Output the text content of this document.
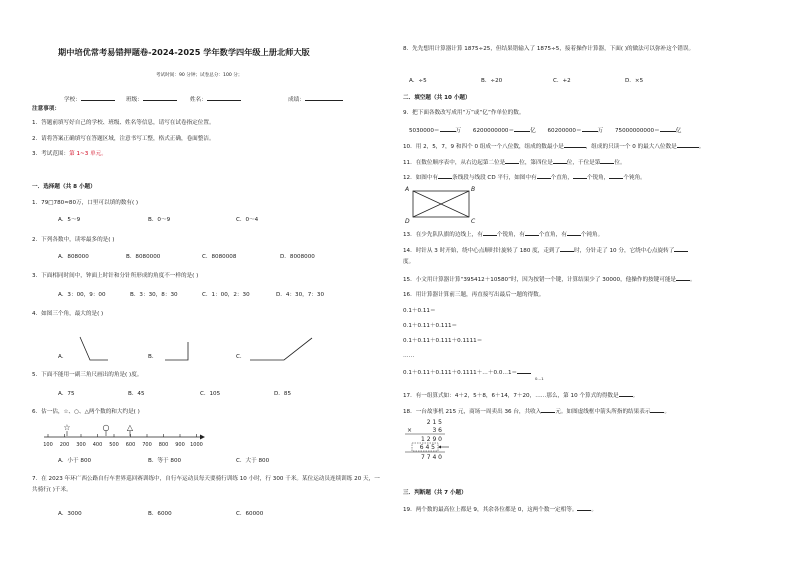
期中培优常考易错押题卷-2024-2025 学年数学四年级上册北师大版
考试时间：90 分钟；试卷总分：100 分；
学校：	班级：	姓名：	成绩：
注意事项：
1．答题前填写好自己的学校、班级、姓名等信息，请写在试卷指定位置。
2．请将答案正确填写在答题区域，注意书写工整，格式正确，卷面整洁。
3．考试范围：第 1~3 单元。
一．选择题（共 8 小题）
1．79□780≈80万，口里可以填的数有( )
A．5～9	B．0～9	C．0～4
2．下列各数中，读零最多的是( )
A．808000	B．8080000	C．8080008	D．8008000
3．下面相同时间中，钟面上时针和分针所形成的角度不一样的是( )
A．3：00，9：00	B．3：30，8：30	C．1：00，2：30	D．4：30，7：30
4．如图三个角，最大的是( )
A．	B．	C．
5．下面不能用一副三角尺画出的角是( )度。
A．75	B．45	C．105	D．85
6．估一估，☆、○、△两个数的和大约是( )
100 200 300 400 500 600 700 800 900 1000
☆	○ △
A．小于 800	B．等于 800	C．大于 800
7．在 2023 年环广西公路自行车世界巡回赛训练中，自行车运动员每天要骑行训练 10 小时，行 300 千米。某位运动员连续训练 20 天，一共骑行( )千米。
A．3000	B．6000	C．60000
8．先先想用计算器计算 1875÷25，但结果错输入了 1875÷5，接着操作计算器，下面( )的做法可以弥补这个错误。
A．÷5	B．÷20	C．+2	D．×5
二．填空题（共 10 小题）
9．把下面各数改写成用“万”或“亿”作单位的数。
5030000＝	万 6200000000＝	亿 60200000＝	万 75000000000＝	亿
10．用 2，5，7，9 和四个 0 组成一个八位数，组成的数最小是	，组成的只读一个 0 的最大八位数是	。
11．在数位顺序表中，从右边起第二位是	位，第四位是	位，千位是第	位。
12．如图中有	条线段与线段 CD 平行，如图中有	个直角，	个锐角，	个钝角。
A	B
C
D
13．在少先队队旗的边线上，有	个锐角，有	个直角，有	个钝角。
14．时针从 3 时开始，绕中心点顺时针旋转了 180 度，走到了	时，分针走了 10 分，它绕中心点旋转了
度。
15．小文用计算器计算“395412＋10580”时，因为按错一个键，计算结果少了 30000，他操作的按键可能是	。
16．用计算器计算前三题，再直接写出最后一题的得数。
0.1＋0.11＝
0.1＋0.11＋0.111＝
0.1＋0.11＋0.111＋0.1111＝
……
0.1＋0.11＋0.111＋0.1111＋…＋0.0…1＝
0…1
17．有一组算式如：4＋2，5＋8，6＋14，7＋20，……那么，第 10 个算式的得数是	。
18．一台故事机 215 元，商场一周卖出 36 台，共收入	元。如图虚线框中箭头所指的结果表示	。
2 1 5
×	3 6
1 2 9 0
6 4 5
7 7 4 0
三．判断题（共 7 小题）
19．两个数的最高位上都是 9，其余各位都是 0，这两个数一定相等。	。
